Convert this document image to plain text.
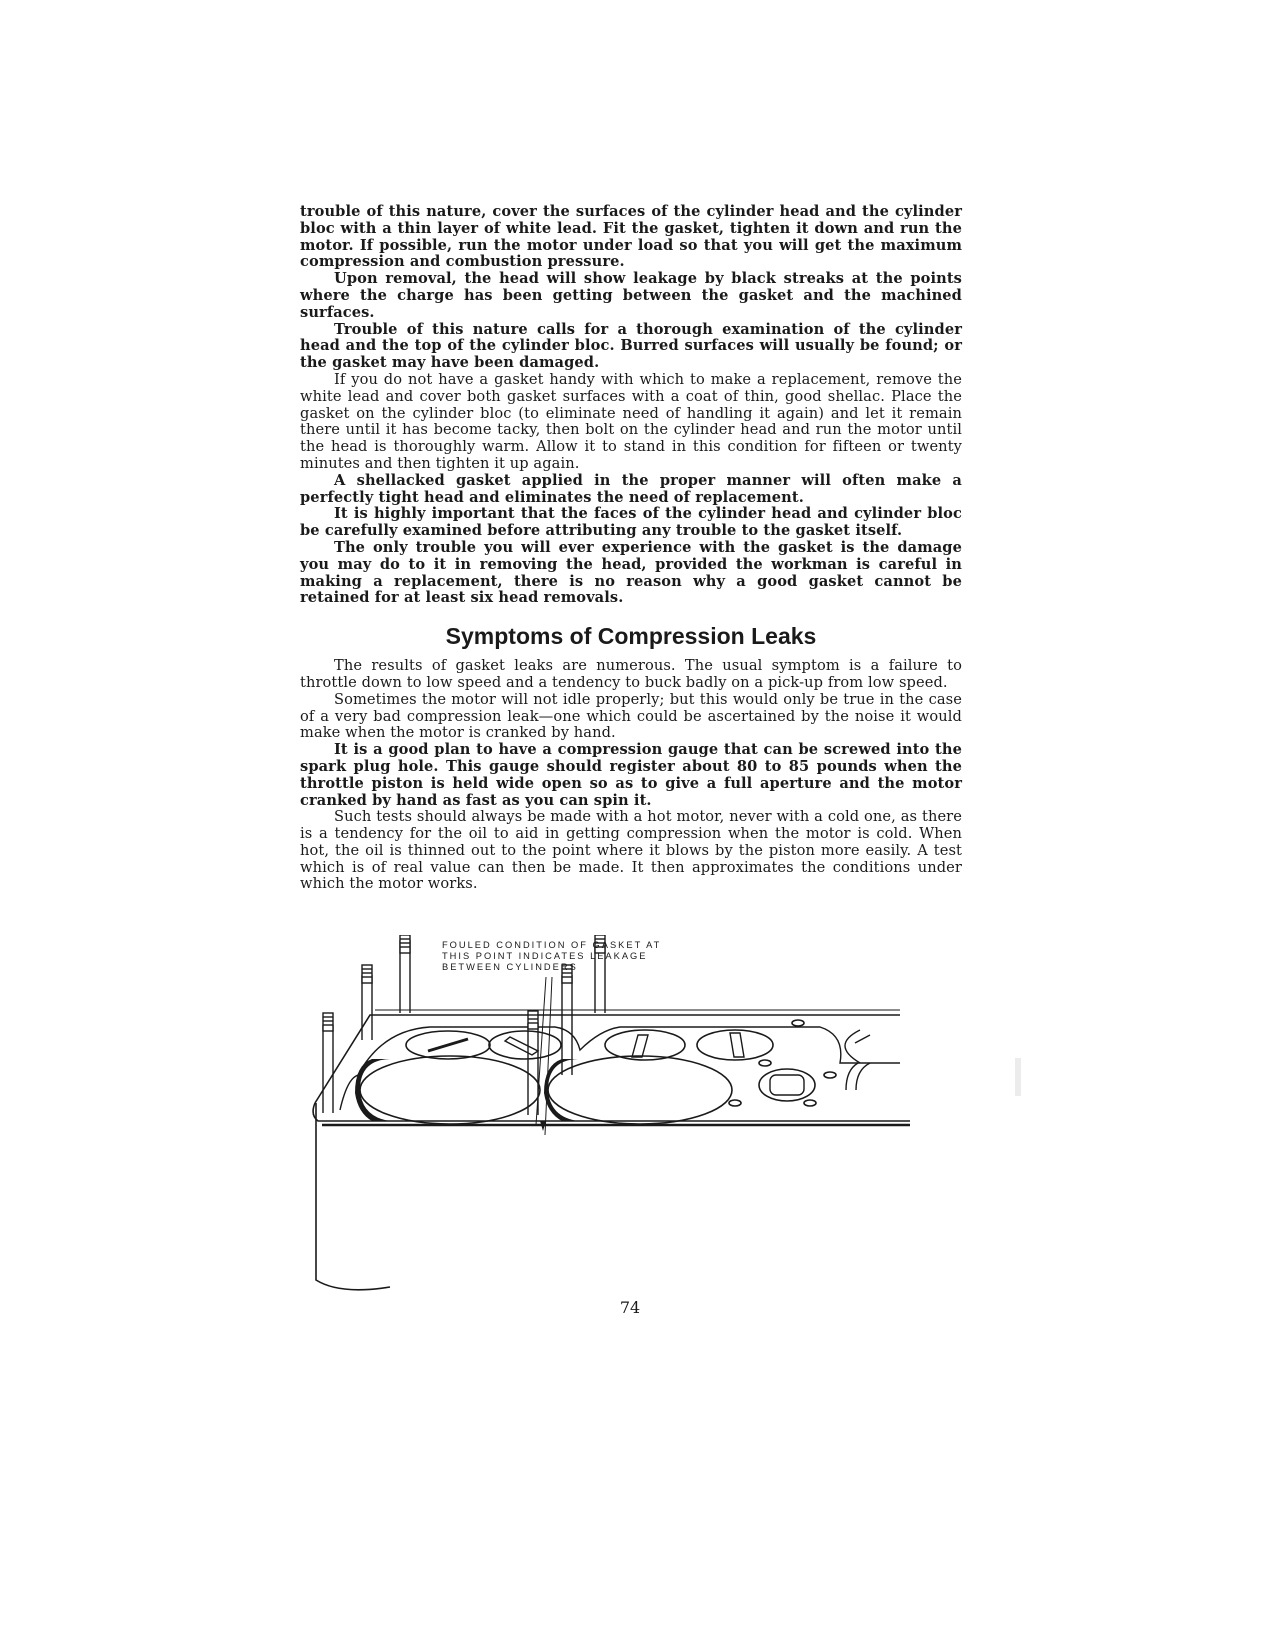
trouble of this nature, cover the surfaces of the cylinder head and the cylinder bloc with a thin layer of white lead. Fit the gasket, tighten it down and run the motor. If possible, run the motor under load so that you will get the maximum compression and combustion pressure.

Upon removal, the head will show leakage by black streaks at the points where the charge has been getting between the gasket and the machined surfaces.

Trouble of this nature calls for a thorough examination of the cylinder head and the top of the cylinder bloc. Burred surfaces will usually be found; or the gasket may have been damaged.

If you do not have a gasket handy with which to make a replacement, remove the white lead and cover both gasket surfaces with a coat of thin, good shellac. Place the gasket on the cylinder bloc (to eliminate need of handling it again) and let it remain there until it has become tacky, then bolt on the cylinder head and run the motor until the head is thoroughly warm. Allow it to stand in this condition for fifteen or twenty minutes and then tighten it up again.

A shellacked gasket applied in the proper manner will often make a perfectly tight head and eliminates the need of replacement.

It is highly important that the faces of the cylinder head and cylinder bloc be carefully examined before attributing any trouble to the gasket itself.

The only trouble you will ever experience with the gasket is the damage you may do to it in removing the head, provided the workman is careful in making a replacement, there is no reason why a good gasket cannot be retained for at least six head removals.

Symptoms of Compression Leaks

The results of gasket leaks are numerous. The usual symptom is a failure to throttle down to low speed and a tendency to buck badly on a pick-up from low speed.

Sometimes the motor will not idle properly; but this would only be true in the case of a very bad compression leak—one which could be ascertained by the noise it would make when the motor is cranked by hand.

It is a good plan to have a compression gauge that can be screwed into the spark plug hole. This gauge should register about 80 to 85 pounds when the throttle piston is held wide open so as to give a full aperture and the motor cranked by hand as fast as you can spin it.

Such tests should always be made with a hot motor, never with a cold one, as there is a tendency for the oil to aid in getting compression when the motor is cold. When hot, the oil is thinned out to the point where it blows by the piston more easily. A test which is of real value can then be made. It then approximates the conditions under which the motor works.

FOULED CONDITION OF GASKET AT
THIS POINT INDICATES LEAKAGE
BETWEEN CYLINDERS
74
